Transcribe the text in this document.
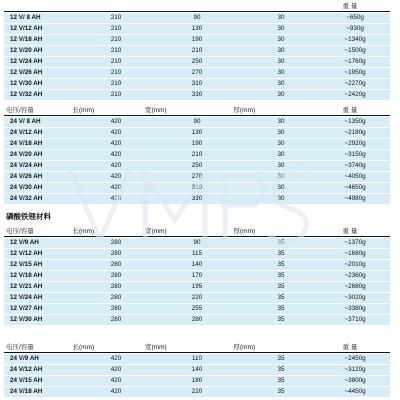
重 量
12 V/ 8 AH	210	90	30	~650g
12 V/12 AH	210	130	30	~930g
12 V/18 AH	210	190	30	~1340g
12 V/20 AH	210	210	30	~1500g
12 V/24 AH	210	250	30	~1760g
12 V/26 AH	210	270	30	~1950g
12 V/30 AH	210	310	30	~2270g
12 V/32 AH	210	330	30	~2420g
电压/容量	长(mm)	宽(mm)	厚(mm)	重 量
24 V/ 8 AH	420	90	30	~1350g
24 V/12 AH	420	130	30	~2180g
24 V/18 AH	420	190	30	~2920g
24 V/20 AH	420	210	30	~3150g
24 V/24 AH	420	250	30	~3740g
24 V/26 AH	420	270	30	~4050g
24 V/30 AH	420	310	30	~4650g
24 V/32 AH	420	330	30	~4980g
磷酸铁锂材料
电压/容量	长(mm)	宽(mm)	厚(mm)	重 量
12 V/9 AH	280	90	35	~1370g
12 V/12 AH	280	115	35	~1680g
12 V/15 AH	280	140	35	~2010g
12 V/18 AH	280	170	35	~2360g
12 V/21 AH	280	195	35	~2680g
12 V/24 AH	280	220	35	~3020g
12 V/27 AH	280	255	35	~3380g
12 V/30 AH	280	280	35	~3710g
电压/容量	长(mm)	宽(mm)	厚(mm)	重 量
24 V/9 AH	420	110	35	~2450g
24 V/12 AH	420	140	35	~3120g
24 V/15 AH	420	180	35	~3800g
24 V/18 AH	420	220	35	~4450g
